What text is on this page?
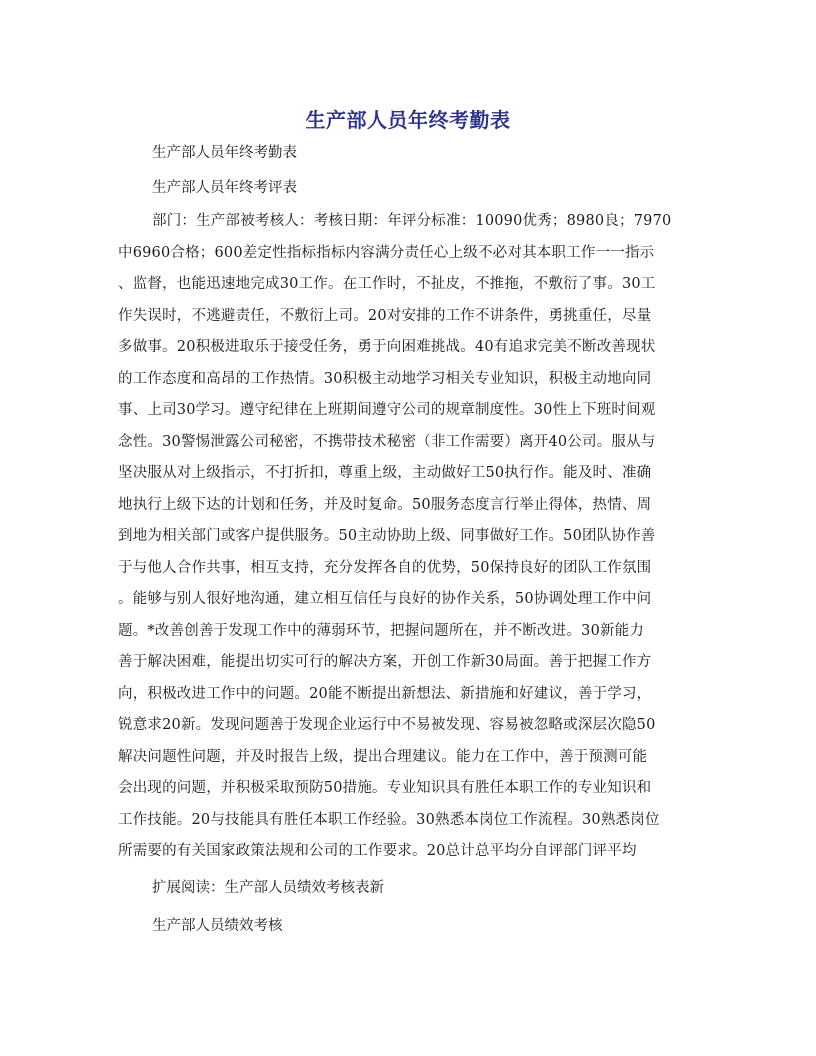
生产部人员年终考勤表
生产部人员年终考勤表
生产部人员年终考评表
部门：生产部被考核人：考核日期：年评分标准：10090优秀；8980良；7970
中6960合格；600差定性指标指标内容满分责任心上级不必对其本职工作一一指示
、监督，也能迅速地完成30工作。在工作时，不扯皮，不推拖，不敷衍了事。30工
作失误时，不逃避责任，不敷衍上司。20对安排的工作不讲条件，勇挑重任，尽量
多做事。20积极进取乐于接受任务，勇于向困难挑战。40有追求完美不断改善现状
的工作态度和高昂的工作热情。30积极主动地学习相关专业知识，积极主动地向同
事、上司30学习。遵守纪律在上班期间遵守公司的规章制度性。30性上下班时间观
念性。30警惕泄露公司秘密，不携带技术秘密（非工作需要）离开40公司。服从与
坚决服从对上级指示，不打折扣，尊重上级，主动做好工50执行作。能及时、准确
地执行上级下达的计划和任务，并及时复命。50服务态度言行举止得体，热情、周
到地为相关部门或客户提供服务。50主动协助上级、同事做好工作。50团队协作善
于与他人合作共事，相互支持，充分发挥各自的优势，50保持良好的团队工作氛围
。能够与别人很好地沟通，建立相互信任与良好的协作关系，50协调处理工作中问
题。*改善创善于发现工作中的薄弱环节，把握问题所在，并不断改进。30新能力
善于解决困难，能提出切实可行的解决方案，开创工作新30局面。善于把握工作方
向，积极改进工作中的问题。20能不断提出新想法、新措施和好建议，善于学习，
锐意求20新。发现问题善于发现企业运行中不易被发现、容易被忽略或深层次隐50
解决问题性问题，并及时报告上级，提出合理建议。能力在工作中，善于预测可能
会出现的问题，并积极采取预防50措施。专业知识具有胜任本职工作的专业知识和
工作技能。20与技能具有胜任本职工作经验。30熟悉本岗位工作流程。30熟悉岗位
所需要的有关国家政策法规和公司的工作要求。20总计总平均分自评部门评平均
扩展阅读：生产部人员绩效考核表新
生产部人员绩效考核
